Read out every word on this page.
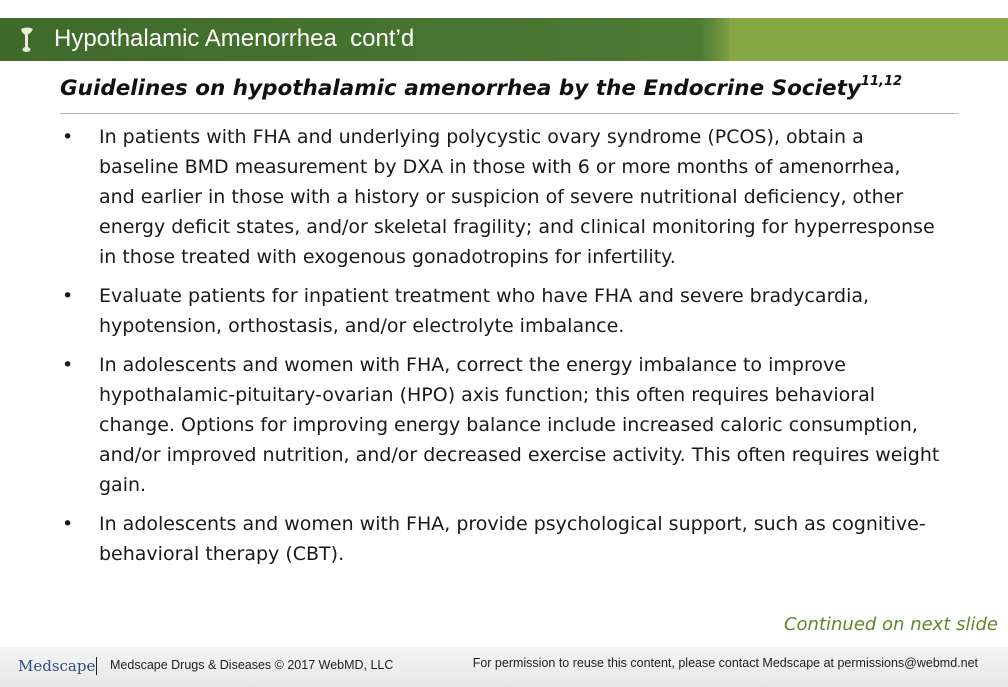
Hypothalamic Amenorrhea  cont’d
Guidelines on hypothalamic amenorrhea by the Endocrine Society$^{11,12}$
• In patients with FHA and underlying polycystic ovary syndrome (PCOS), obtain a baseline BMD measurement by DXA in those with 6 or more months of amenorrhea, and earlier in those with a history or suspicion of severe nutritional deficiency, other energy deficit states, and/or skeletal fragility; and clinical monitoring for hyperresponse in those treated with exogenous gonadotropins for infertility.
• Evaluate patients for inpatient treatment who have FHA and severe bradycardia, hypotension, orthostasis, and/or electrolyte imbalance.
• In adolescents and women with FHA, correct the energy imbalance to improve hypothalamic-pituitary-ovarian (HPO) axis function; this often requires behavioral change. Options for improving energy balance include increased caloric consumption, and/or improved nutrition, and/or decreased exercise activity. This often requires weight gain.
• In adolescents and women with FHA, provide psychological support, such as cognitive-behavioral therapy (CBT).
Continued on next slide
Medscape Medscape Drugs & Diseases © 2017 WebMD, LLC	For permission to reuse this content, please contact Medscape at permissions@webmd.net
